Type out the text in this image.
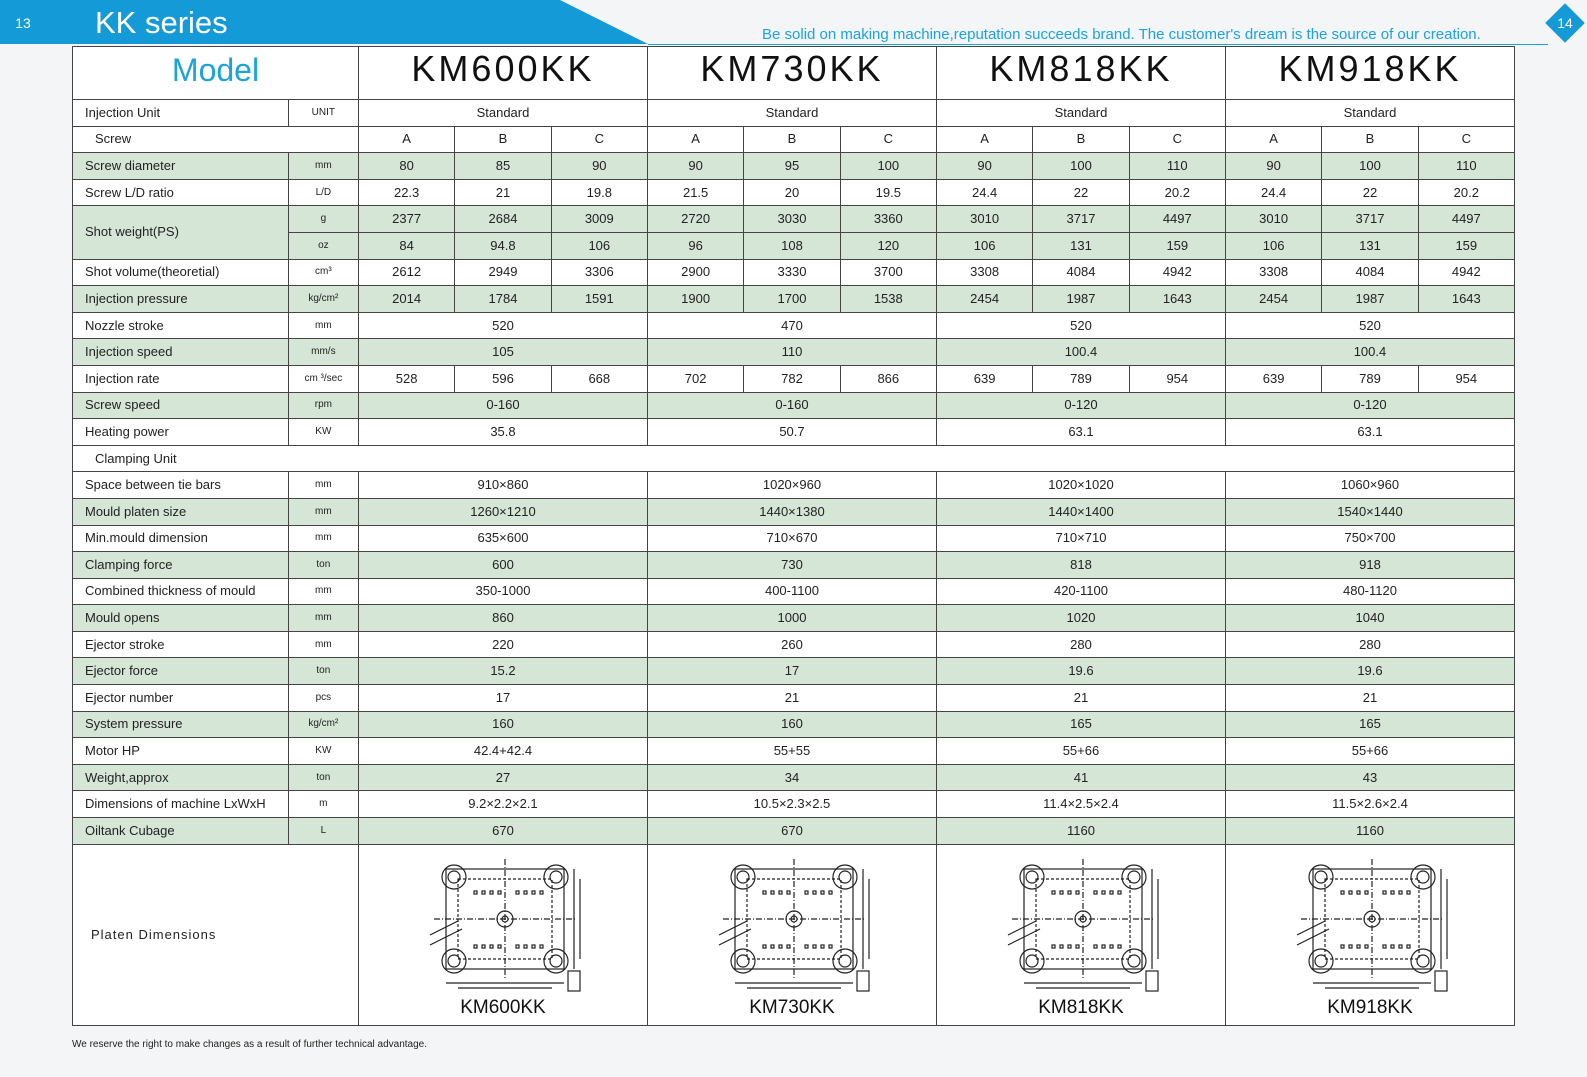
KK series
13	14
Be solid on making machine,reputation succeeds brand. The customer's dream is the source of our creation.
Model		KM600KK			KM730KK			KM818KK			KM918KK		
Injection Unit	UNIT	Standard			Standard			Standard			Standard		
Screw		A	B	C	A	B	C	A	B	C	A	B	C
Screw diameter	mm	80	85	90	90	95	100	90	100	110	90	100	110
Screw L/D ratio	L/D	22.3	21	19.8	21.5	20	19.5	24.4	22	20.2	24.4	22	20.2
Shot weight(PS)	g	2377	2684	3009	2720	3030	3360	3010	3717	4497	3010	3717	4497
	oz	84	94.8	106	96	108	120	106	131	159	106	131	159
Shot volume(theoretial)	cm³	2612	2949	3306	2900	3330	3700	3308	4084	4942	3308	4084	4942
Injection pressure	kg/cm²	2014	1784	1591	1900	1700	1538	2454	1987	1643	2454	1987	1643
Nozzle stroke	mm	520			470			520			520		
Injection speed	mm/s	105			110			100.4			100.4		
Injection rate	cm ³/sec	528	596	668	702	782	866	639	789	954	639	789	954
Screw speed	rpm	0-160			0-160			0-120			0-120		
Heating power	KW	35.8			50.7			63.1			63.1		
Clamping Unit													
Space between tie bars	mm	910×860			1020×960			1020×1020			1060×960		
Mould platen size	mm	1260×1210			1440×1380			1440×1400			1540×1440		
Min.mould dimension	mm	635×600			710×670			710×710			750×700		
Clamping force	ton	600			730			818			918		
Combined thickness of mould	mm	350-1000			400-1100			420-1100			480-1120		
Mould opens	mm	860			1000			1020			1040		
Ejector stroke	mm	220			260			280			280		
Ejector force	ton	15.2			17			19.6			19.6		
Ejector number	pcs	17			21			21			21		
System pressure	kg/cm²	160			160			165			165		
Motor HP	KW	42.4+42.4			55+55			55+66			55+66		
Weight,approx	ton	27			34			41			43		
Dimensions of machine LxWxH	m	9.2×2.2×2.1			10.5×2.3×2.5			11.4×2.5×2.4			11.5×2.6×2.4		
Oiltank Cubage	L	670			670			1160			1160		
Platen Dimensions		KM600KK			KM730KK			KM818KK			KM918KK		
We reserve the right to make changes as a result of further technical advantage.
